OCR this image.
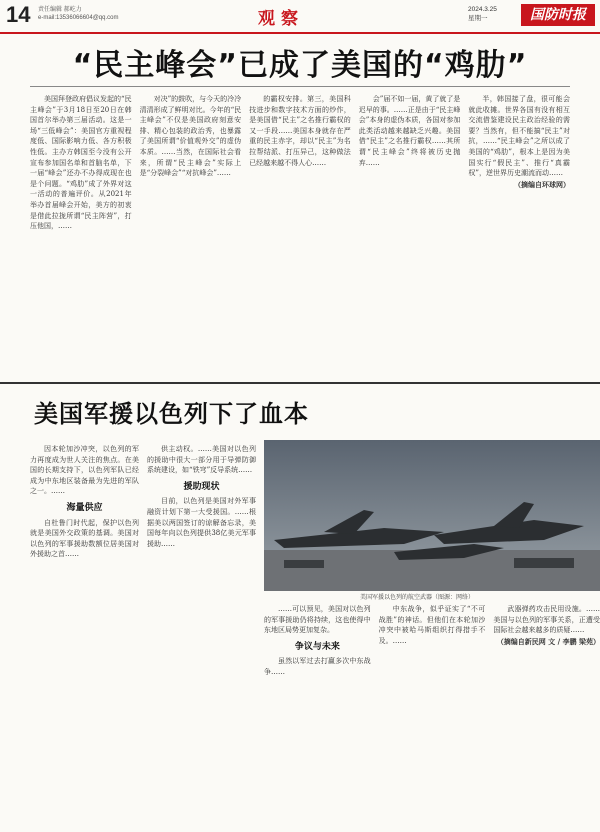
14 责任编辑 郝屹力
e-mail:13536066604@qq.com	观察	2024.3.25
星期一	国防时报
“民主峰会”已成了美国的“鸡肋”

美国拜登政府倡议发起的“民主峰会”于3月18日至20日在韩国首尔举办第三届活动。这是一场“三低峰会”：美国官方重视程度低、国际影响力低、各方积极性低。主办方韩国至今没有公开宣布参加国名单和首脑名单，下一届“峰会”还办不办得成现在也是个问题。“鸡肋”成了外界对这一活动的普遍评价。从2021年举办首届峰会开始，美方的初衷是借此拉拢所谓“民主阵营”，打压他国，……

对决”的鼓吹，与今天的冷冷清清形成了鲜明对比。今年的“民主峰会”不仅是美国政府刻意安排、精心包装的政治秀，也暴露了美国所谓“价值观外交”的虚伪本质。……当然，在国际社会看来，所谓“民主峰会”实际上是“分裂峰会”“对抗峰会”……

的霸权安排。第三，美国科技进步和数字技术方面的炒作，是美国借“民主”之名推行霸权的又一手段……美国本身就存在严重的民主赤字，却以“民主”为名拉帮结派、打压异己，这种做法已经越来越不得人心……

会”届不如一届，黄了就了是迟早的事。……正是由于“民主峰会”本身的虚伪本质，各国对参加此类活动越来越缺乏兴趣。美国借“民主”之名推行霸权……其所谓“民主峰会”终将被历史抛弃……

半，韩国接了盘，很可能会就此收摊。世界各国有没有相互交流借鉴建设民主政治经验的需要？当然有，但不能搞“民主”对抗，……“民主峰会”之所以成了美国的“鸡肋”，根本上是因为美国实行“假民主”、推行“真霸权”，逆世界历史潮流而动……

（摘编自环球网）
美国军援以色列下了血本
美国军援以色列的航空武器（图源：网络）

因本轮加沙冲突，以色列的军力再度成为世人关注的焦点。在美国的长期支持下，以色列军队已经成为中东地区装备最为先进的军队之一。……

海量供应

自杜鲁门时代起，保护以色列就是美国外交政策的基调。美国对以色列的军事援助数额位居美国对外援助之首……

供主动权。……美国对以色列的援助中很大一部分用于导弹防御系统建设，如“铁穹”反导系统……

援助现状

目前，以色列是美国对外军事融资计划下第一大受援国。……根据美以两国签订的谅解备忘录，美国每年向以色列提供38亿美元军事援助……

……可以预见，美国对以色列的军事援助仍将持续，这也使得中东地区局势更加复杂。

争议与未来

虽然以军过去打赢多次中东战争……

中东战争，似乎证实了“不可战胜”的神话。但他们在本轮加沙冲突中被哈马斯组织打得措手不及。……

武器弹药攻击民用设施。……美国与以色列的军事关系，正遭受国际社会越来越多的质疑……

（摘编自新民网 文 / 李鹏 梁苑）
